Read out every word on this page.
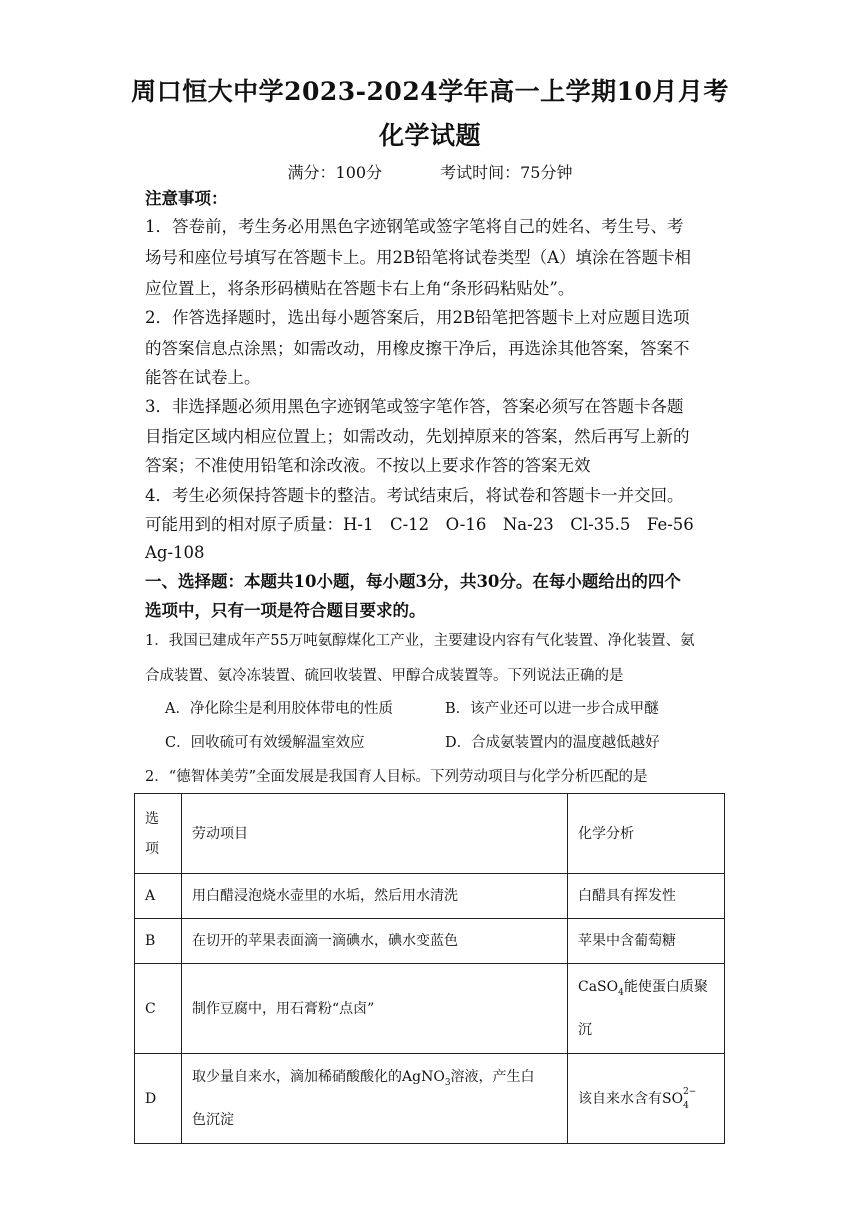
周口恒大中学2023-2024学年高一上学期10月月考
化学试题
满分：100分	考试时间：75分钟
注意事项：
1．答卷前，考生务必用黑色字迹钢笔或签字笔将自己的姓名、考生号、考
场号和座位号填写在答题卡上。用2B铅笔将试卷类型（A）填涂在答题卡相
应位置上，将条形码横贴在答题卡右上角“条形码粘贴处”。
2．作答选择题时，选出每小题答案后，用2B铅笔把答题卡上对应题目选项
的答案信息点涂黑；如需改动，用橡皮擦干净后，再选涂其他答案，答案不
能答在试卷上。
3．非选择题必须用黑色字迹钢笔或签字笔作答，答案必须写在答题卡各题
目指定区域内相应位置上；如需改动，先划掉原来的答案，然后再写上新的
答案；不准使用铅笔和涂改液。不按以上要求作答的答案无效
4．考生必须保持答题卡的整洁。考试结束后，将试卷和答题卡一并交回。
可能用到的相对原子质量：H-1　C-12　O-16　Na-23　Cl-35.5　Fe-56
Ag-108
一、选择题：本题共10小题，每小题3分，共30分。在每小题给出的四个
选项中，只有一项是符合题目要求的。
1．我国已建成年产55万吨氨醇煤化工产业，主要建设内容有气化装置、净化装置、氨
合成装置、氨冷冻装置、硫回收装置、甲醇合成装置等。下列说法正确的是
A．净化除尘是利用胶体带电的性质	B．该产业还可以进一步合成甲醚
C．回收硫可有效缓解温室效应	D．合成氨装置内的温度越低越好
2．“德智体美劳”全面发展是我国育人目标。下列劳动项目与化学分析匹配的是
选
项	劳动项目	化学分析
A	用白醋浸泡烧水壶里的水垢，然后用水清洗	白醋具有挥发性
B	在切开的苹果表面滴一滴碘水，碘水变蓝色	苹果中含葡萄糖
C	制作豆腐中，用石膏粉“点卤”	CaSO$_4$能使蛋白质聚
沉

D	取少量自来水，滴加稀硝酸酸化的AgNO$_3$溶液，产生白
色沉淀	该自来水含有SO 2−
4
